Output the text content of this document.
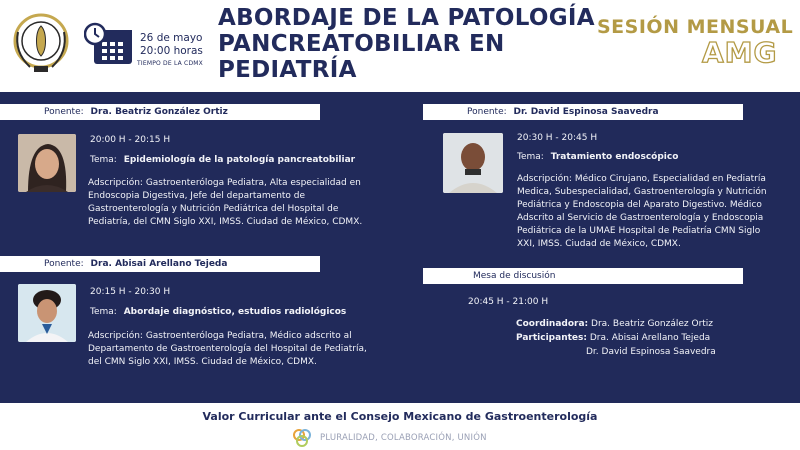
26 de mayo
20:00 horas
TIEMPO DE LA CDMX
ABORDAJE DE LA PATOLOGÍA PANCREATOBILIAR EN PEDIATRÍA
SESIÓN MENSUAL
AMG
Ponente: Dra. Beatriz González Ortiz
20:00 H - 20:15 H
Tema: Epidemiología de la patología pancreatobiliar
Adscripción: Gastroenteróloga Pediatra, Alta especialidad en Endoscopia Digestiva, Jefe del departamento de Gastroenterología y Nutrición Pediátrica del Hospital de Pediatría, del CMN Siglo XXI, IMSS. Ciudad de México, CDMX.
Ponente: Dra. Abisai Arellano Tejeda
20:15 H - 20:30 H
Tema: Abordaje diagnóstico, estudios radiológicos
Adscripción: Gastroenteróloga Pediatra, Médico adscrito al Departamento de Gastroenterología del Hospital de Pediatría, del CMN Siglo XXI, IMSS. Ciudad de México, CDMX.
Ponente: Dr. David Espinosa Saavedra
20:30 H - 20:45 H
Tema: Tratamiento endoscópico
Adscripción: Médico Cirujano, Especialidad en Pediatría Medica, Subespecialidad, Gastroenterología y Nutrición Pediátrica y Endoscopia del Aparato Digestivo. Médico Adscrito al Servicio de Gastroenterología y Endoscopia Pediátrica de la UMAE Hospital de Pediatría CMN Siglo XXI, IMSS. Ciudad de México, CDMX.
Mesa de discusión
20:45 H - 21:00 H
Coordinadora: Dra. Beatriz González Ortiz
Participantes: Dra. Abisai Arellano Tejeda
Dr. David Espinosa Saavedra
Valor Curricular ante el Consejo Mexicano de Gastroenterología
PLURALIDAD, COLABORACIÓN, UNIÓN
